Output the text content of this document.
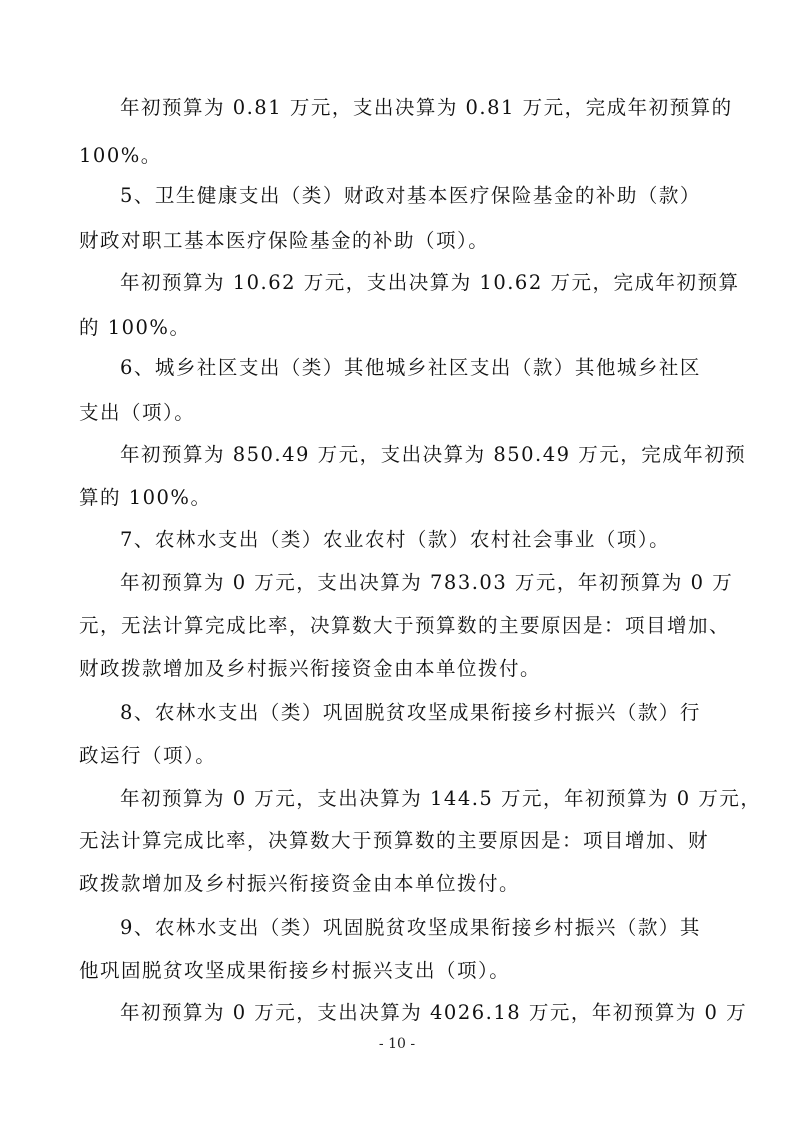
年初预算为 0.81 万元，支出决算为 0.81 万元，完成年初预算的
100%。
5、卫生健康支出（类）财政对基本医疗保险基金的补助（款）
财政对职工基本医疗保险基金的补助（项）。
年初预算为 10.62 万元，支出决算为 10.62 万元，完成年初预算
的 100%。
6、城乡社区支出（类）其他城乡社区支出（款）其他城乡社区
支出（项）。
年初预算为 850.49 万元，支出决算为 850.49 万元，完成年初预
算的 100%。
7、农林水支出（类）农业农村（款）农村社会事业（项）。
年初预算为 0 万元，支出决算为 783.03 万元，年初预算为 0 万
元，无法计算完成比率，决算数大于预算数的主要原因是：项目增加、
财政拨款增加及乡村振兴衔接资金由本单位拨付。
8、农林水支出（类）巩固脱贫攻坚成果衔接乡村振兴（款）行
政运行（项）。
年初预算为 0 万元，支出决算为 144.5 万元，年初预算为 0 万元，
无法计算完成比率，决算数大于预算数的主要原因是：项目增加、财
政拨款增加及乡村振兴衔接资金由本单位拨付。
9、农林水支出（类）巩固脱贫攻坚成果衔接乡村振兴（款）其
他巩固脱贫攻坚成果衔接乡村振兴支出（项）。
年初预算为 0 万元，支出决算为 4026.18 万元，年初预算为 0 万
- 10 -
